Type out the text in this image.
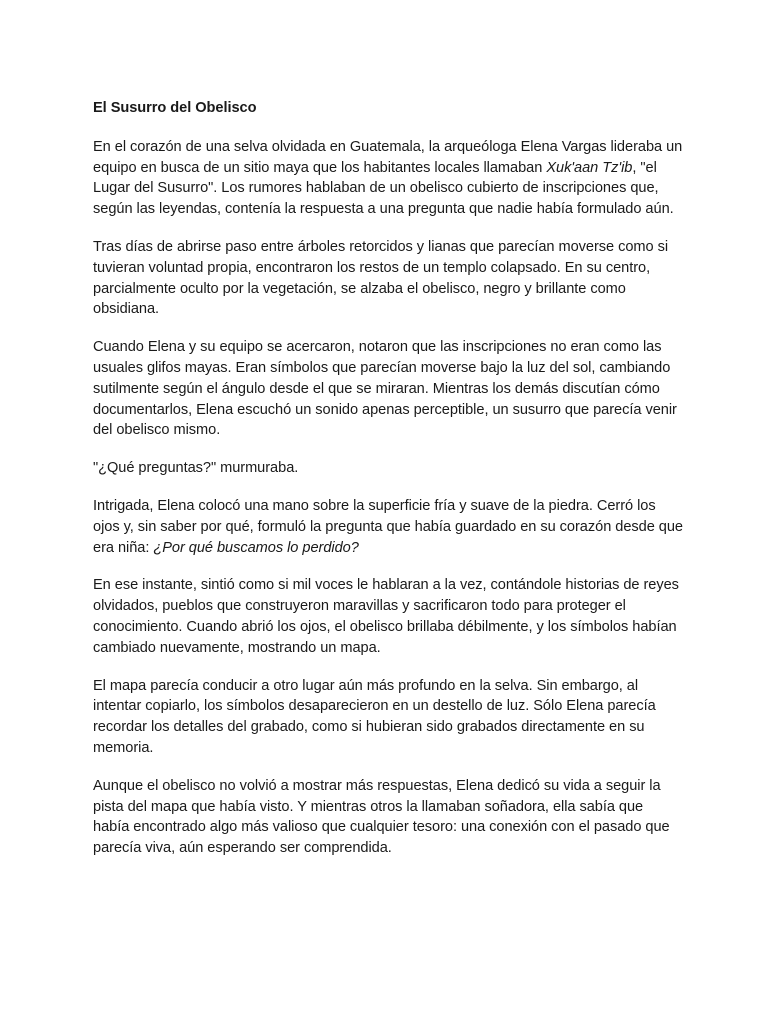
El Susurro del Obelisco

En el corazón de una selva olvidada en Guatemala, la arqueóloga Elena Vargas lideraba un equipo en busca de un sitio maya que los habitantes locales llamaban Xuk'aan Tz'ib, "el Lugar del Susurro". Los rumores hablaban de un obelisco cubierto de inscripciones que, según las leyendas, contenía la respuesta a una pregunta que nadie había formulado aún.

Tras días de abrirse paso entre árboles retorcidos y lianas que parecían moverse como si tuvieran voluntad propia, encontraron los restos de un templo colapsado. En su centro, parcialmente oculto por la vegetación, se alzaba el obelisco, negro y brillante como obsidiana.

Cuando Elena y su equipo se acercaron, notaron que las inscripciones no eran como las usuales glifos mayas. Eran símbolos que parecían moverse bajo la luz del sol, cambiando sutilmente según el ángulo desde el que se miraran. Mientras los demás discutían cómo documentarlos, Elena escuchó un sonido apenas perceptible, un susurro que parecía venir del obelisco mismo.

"¿Qué preguntas?" murmuraba.

Intrigada, Elena colocó una mano sobre la superficie fría y suave de la piedra. Cerró los ojos y, sin saber por qué, formuló la pregunta que había guardado en su corazón desde que era niña: ¿Por qué buscamos lo perdido?

En ese instante, sintió como si mil voces le hablaran a la vez, contándole historias de reyes olvidados, pueblos que construyeron maravillas y sacrificaron todo para proteger el conocimiento. Cuando abrió los ojos, el obelisco brillaba débilmente, y los símbolos habían cambiado nuevamente, mostrando un mapa.

El mapa parecía conducir a otro lugar aún más profundo en la selva. Sin embargo, al intentar copiarlo, los símbolos desaparecieron en un destello de luz. Sólo Elena parecía recordar los detalles del grabado, como si hubieran sido grabados directamente en su memoria.

Aunque el obelisco no volvió a mostrar más respuestas, Elena dedicó su vida a seguir la pista del mapa que había visto. Y mientras otros la llamaban soñadora, ella sabía que había encontrado algo más valioso que cualquier tesoro: una conexión con el pasado que parecía viva, aún esperando ser comprendida.
